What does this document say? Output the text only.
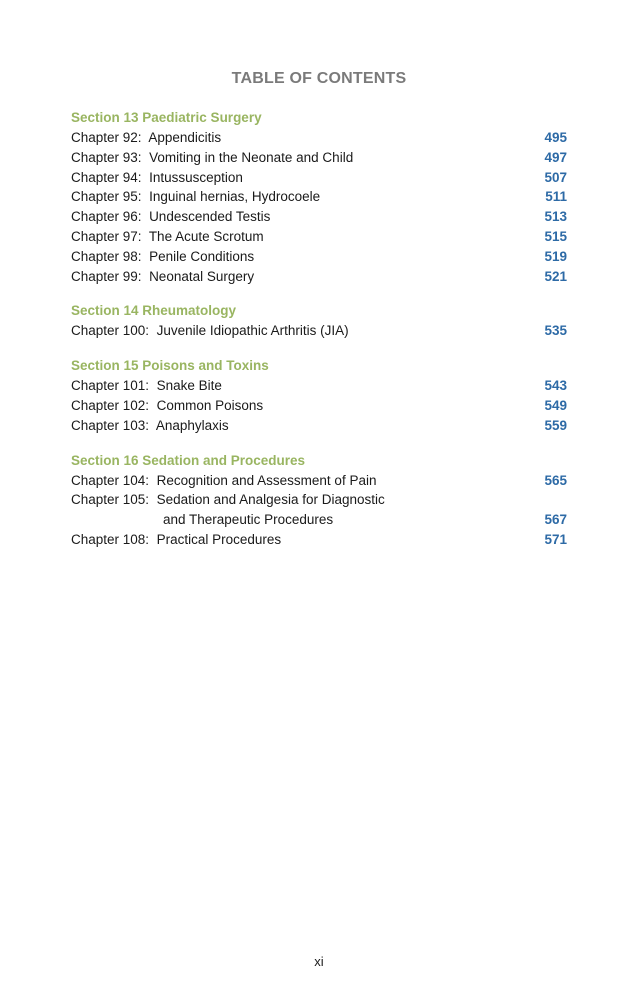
TABLE OF CONTENTS
Section 13 Paediatric Surgery
Chapter 92: Appendicitis	495
Chapter 93: Vomiting in the Neonate and Child	497
Chapter 94: Intussusception	507
Chapter 95: Inguinal hernias, Hydrocoele	511
Chapter 96: Undescended Testis	513
Chapter 97: The Acute Scrotum	515
Chapter 98: Penile Conditions	519
Chapter 99: Neonatal Surgery	521
Section 14 Rheumatology
Chapter 100: Juvenile Idiopathic Arthritis (JIA)	535
Section 15 Poisons and Toxins
Chapter 101: Snake Bite	543
Chapter 102: Common Poisons	549
Chapter 103: Anaphylaxis	559
Section 16 Sedation and Procedures
Chapter 104: Recognition and Assessment of Pain	565
Chapter 105: Sedation and Analgesia for Diagnostic
and Therapeutic Procedures	567
Chapter 108: Practical Procedures	571
xi
